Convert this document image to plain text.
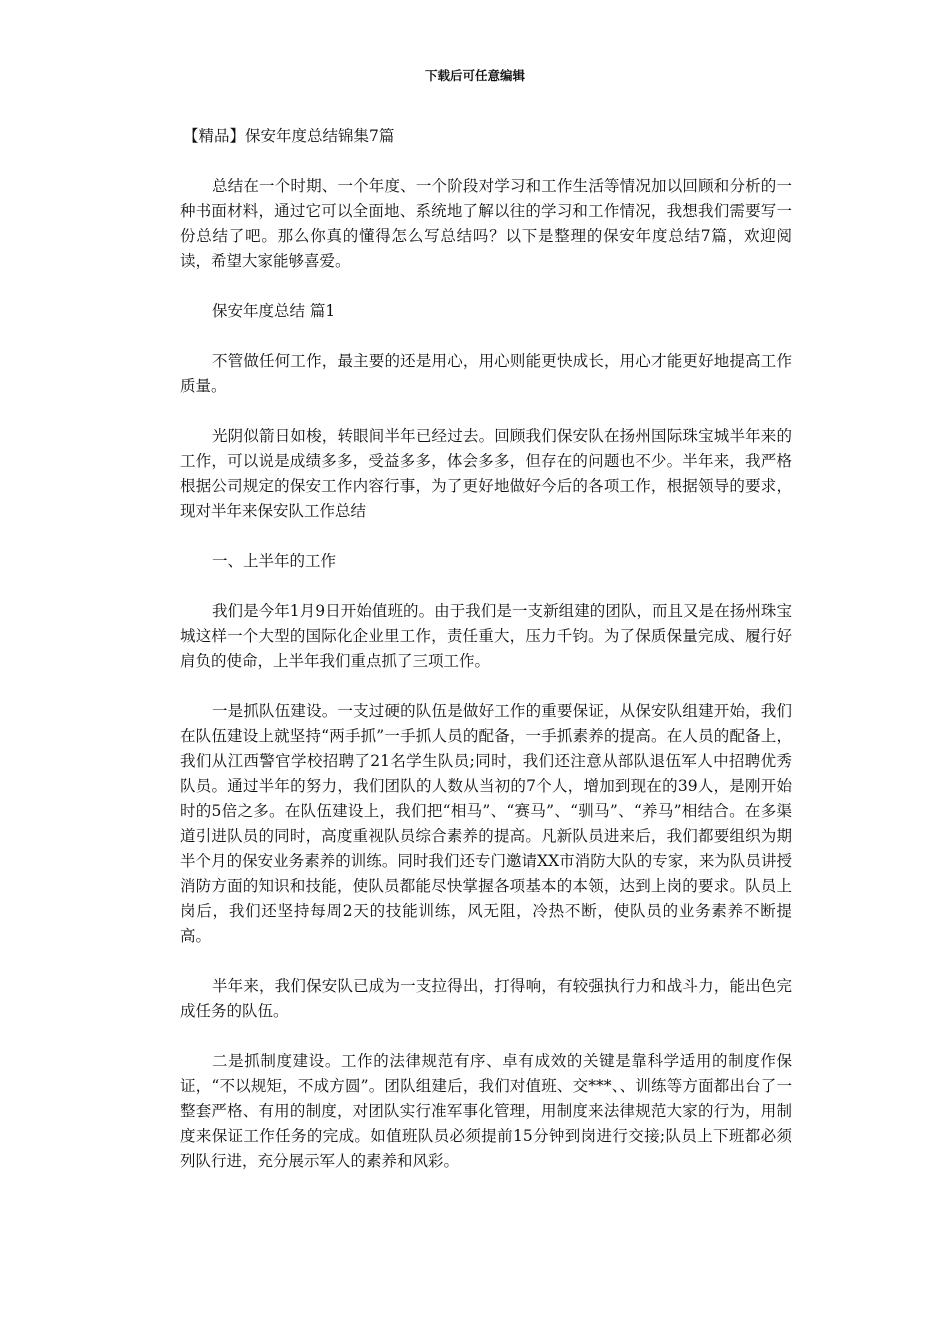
下载后可任意编辑

【精品】保安年度总结锦集7篇

总结在一个时期、一个年度、一个阶段对学习和工作生活等情况加以回顾和分析的一种书面材料，通过它可以全面地、系统地了解以往的学习和工作情况，我想我们需要写一份总结了吧。那么你真的懂得怎么写总结吗？以下是整理的保安年度总结7篇，欢迎阅读，希望大家能够喜爱。

保安年度总结 篇1

不管做任何工作，最主要的还是用心，用心则能更快成长，用心才能更好地提高工作质量。

光阴似箭日如梭，转眼间半年已经过去。回顾我们保安队在扬州国际珠宝城半年来的工作，可以说是成绩多多，受益多多，体会多多，但存在的问题也不少。半年来，我严格根据公司规定的保安工作内容行事，为了更好地做好今后的各项工作，根据领导的要求，现对半年来保安队工作总结

一、上半年的工作

我们是今年1月9日开始值班的。由于我们是一支新组建的团队，而且又是在扬州珠宝城这样一个大型的国际化企业里工作，责任重大，压力千钧。为了保质保量完成、履行好肩负的使命，上半年我们重点抓了三项工作。

一是抓队伍建设。一支过硬的队伍是做好工作的重要保证，从保安队组建开始，我们在队伍建设上就坚持“两手抓”一手抓人员的配备，一手抓素养的提高。在人员的配备上，我们从江西警官学校招聘了21名学生队员;同时，我们还注意从部队退伍军人中招聘优秀队员。通过半年的努力，我们团队的人数从当初的7个人，增加到现在的39人，是刚开始时的5倍之多。在队伍建设上，我们把“相马”、“赛马”、“驯马”、“养马”相结合。在多渠道引进队员的同时，高度重视队员综合素养的提高。凡新队员进来后，我们都要组织为期半个月的保安业务素养的训练。同时我们还专门邀请XX市消防大队的专家，来为队员讲授消防方面的知识和技能，使队员都能尽快掌握各项基本的本领，达到上岗的要求。队员上岗后，我们还坚持每周2天的技能训练，风无阻，冷热不断，使队员的业务素养不断提高。

半年来，我们保安队已成为一支拉得出，打得响，有较强执行力和战斗力，能出色完成任务的队伍。

二是抓制度建设。工作的法律规范有序、卓有成效的关键是靠科学适用的制度作保证，“不以规矩，不成方圆”。团队组建后，我们对值班、交***、、训练等方面都出台了一整套严格、有用的制度，对团队实行准军事化管理，用制度来法律规范大家的行为，用制度来保证工作任务的完成。如值班队员必须提前15分钟到岗进行交接;队员上下班都必须列队行进，充分展示军人的素养和风彩。
